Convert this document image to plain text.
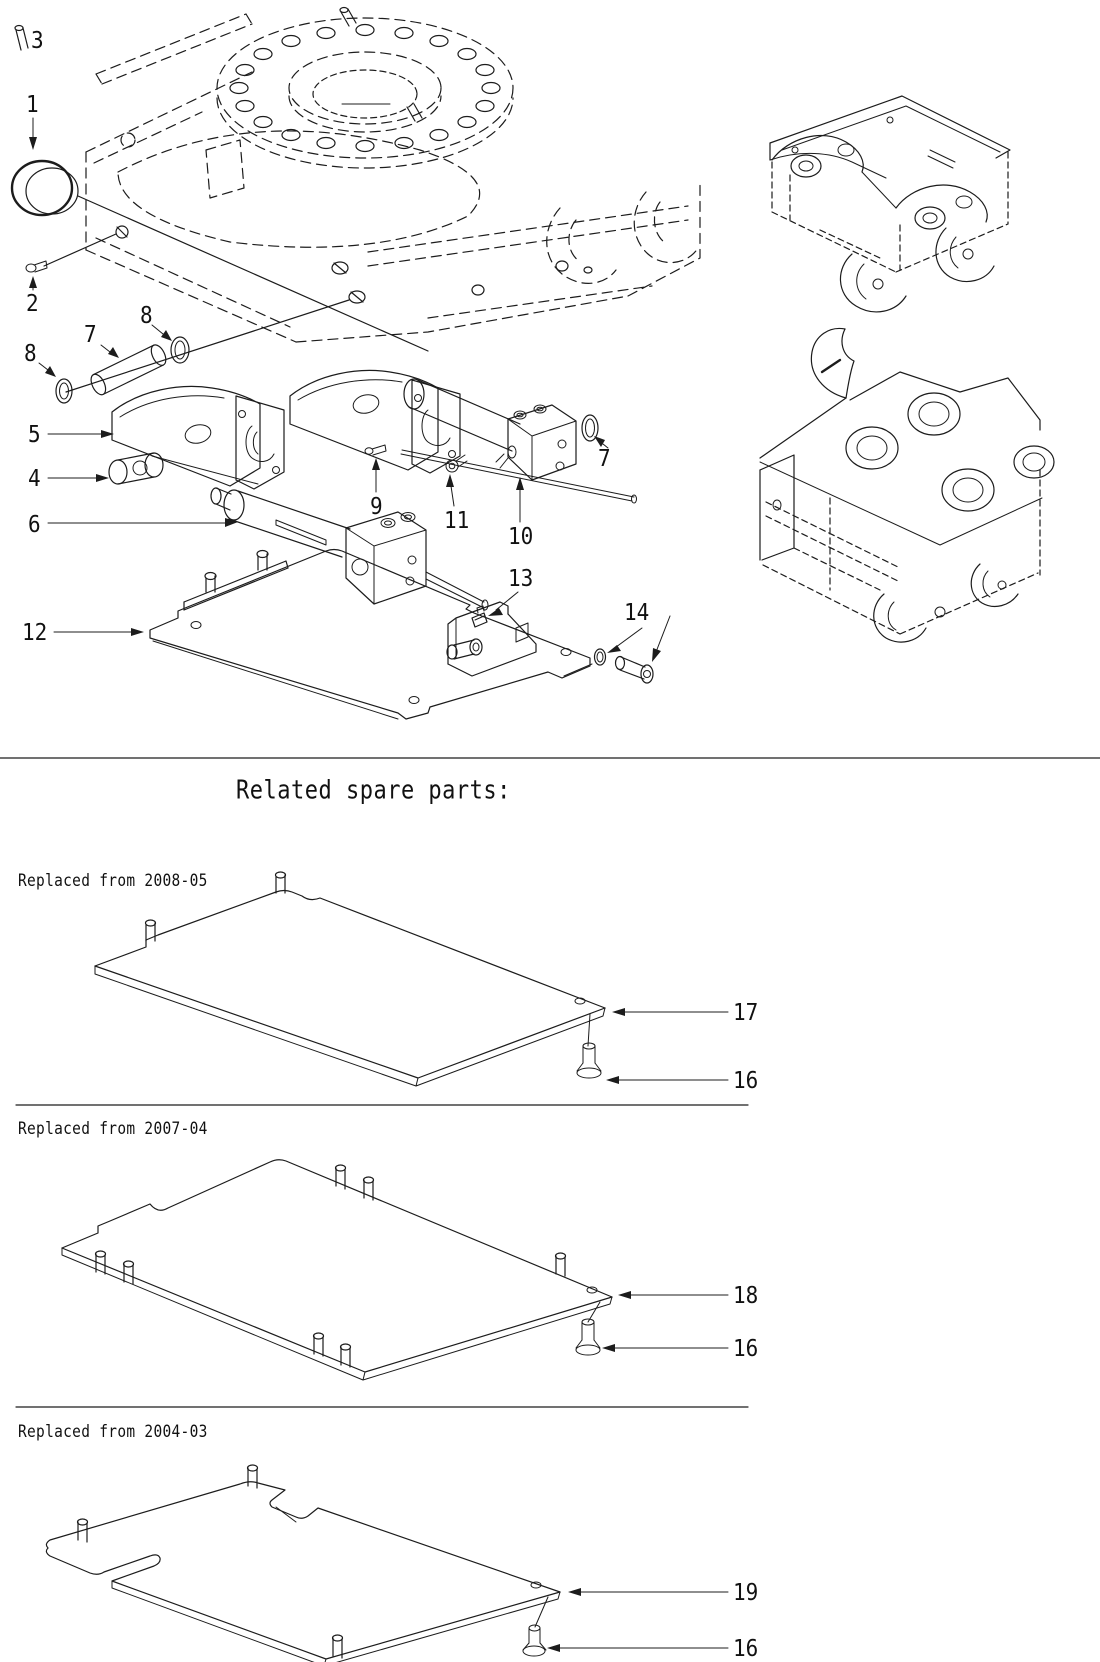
1
2
3
4
5
6
7
7
8
8
9
10
11
12
13
14
Related spare parts:
Replaced from 2008-05
17
16
Replaced from 2007-04
18
16
Replaced from 2004-03
19
16
